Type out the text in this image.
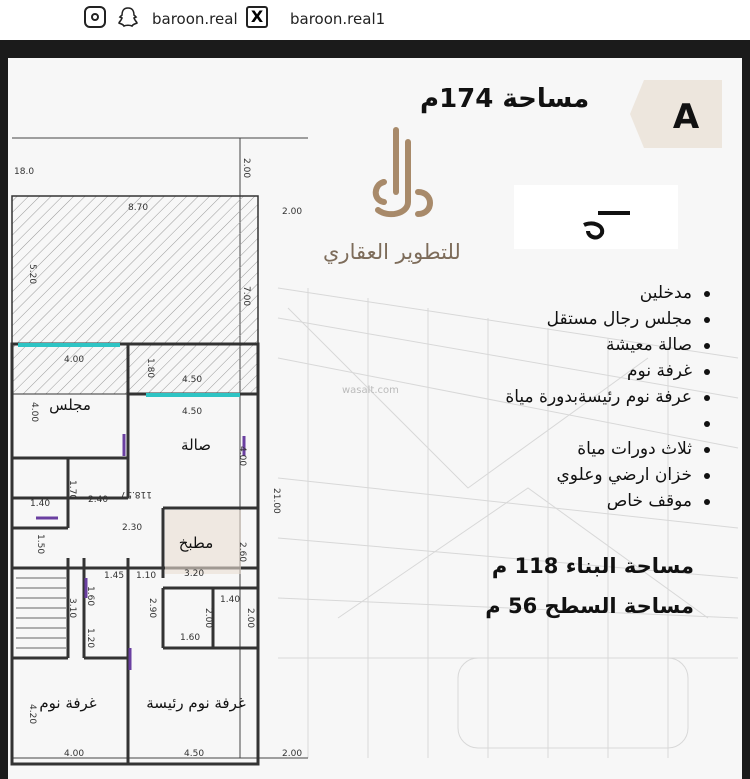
baroon.real X	baroon.real1
مجلس
صالة
مطبخ
غرفة نوم	غرفة نوم رئيسة
2.00
8.70
7.00
5.20
4.00
4.00	1.80
4.50
4.50
4.00
21.00
2.00
2.60
3.20
1.70
1.40	2.40
2.30
1.50
3.10
1.60
1.20
1.45 1.10
2.90	2.00
1.60
2.00
1.40
4.20
4.00	4.50	2.00
118.57
18.0
A
مساحة 174م
للتطوير العقاري
مدخلين
مجلس رجال مستقل
صالة معيشة
غرفة نوم
عرفة نوم رئيسةبدورة مياة
ثلاث دورات مياة
خزان ارضي وعلوي
موقف خاص
مساحة البناء 118 م
مساحة السطح 56 م
wasalt.com
